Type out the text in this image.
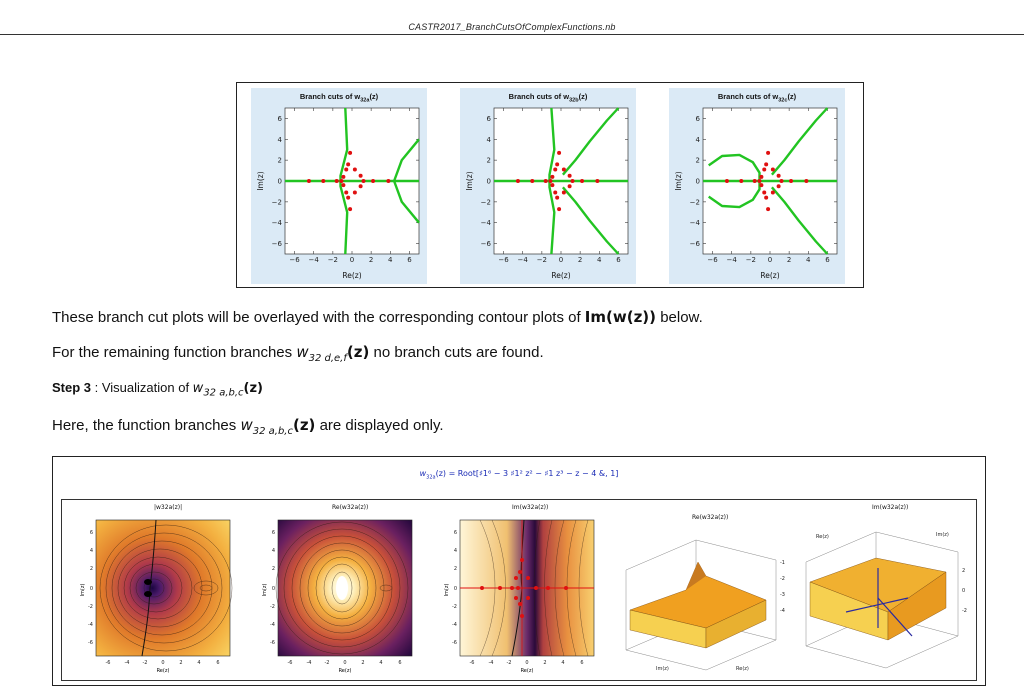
CASTR2017_BranchCutsOfComplexFunctions.nb
Branch cuts of $w_{32a}(z)$
−6 −4 −2 0 2 4 6
−6
−4
−2
0
2
4
6
Re(z)
Im(z)
Branch cuts of $w_{32b}(z)$
−6 −4 −2 0 2 4 6
−6
−4
−2
0
2
4
6
Re(z)
Im(z)
Branch cuts of $w_{32c}(z)$
−6 −4 −2 0 2 4 6
−6
−4
−2
0
2
4
6
Re(z)
Im(z)
These branch cut plots will be overlayed with the corresponding contour plots of Im(w(z)) below.
For the remaining function branches $w_{32 d,e,f}(z)$ no branch cuts are found.
Step 3 : Visualization of $w_{32 a,b,c}(z)$
Here, the function branches $w_{32 a,b,c}(z)$ are displayed only.
$w_{32a}(z)$ = Root[♯1⁶ − 3 ♯1² z² − ♯1 z³ − z − 4 &, 1]
|w32a(z)|
Re(z)
Im(z)
-6	-4	-2	0	2	4	6
6
4
2
0
-2
-4
-6
Re(w32a(z))
Re(z)
Im(z)
-6	-4	-2	0	2	4	6
6
4
2
0
-2
-4
-6
Im(w32a(z))
Re(z)
Im(z)
-6	-4	-2	0	2	4	6
6
4
2
0
-2
-4
-6
Re(w32a(z))
-1
-2
-3
-4
Im(z)	Re(z)
Im(w32a(z))
2
0
-2
Re(z)	Im(z)
